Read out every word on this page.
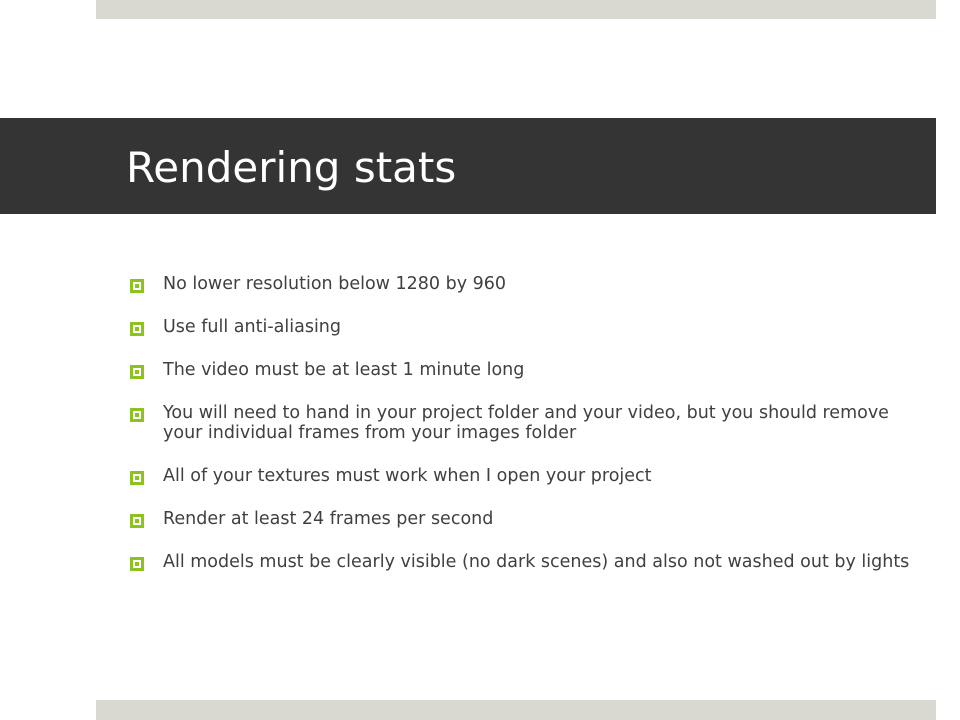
Rendering stats
No lower resolution below 1280 by 960
Use full anti-aliasing
The video must be at least 1 minute long
You will need to hand in your project folder and your video, but you should remove your individual frames from your images folder
All of your textures must work when I open your project
Render at least 24 frames per second
All models must be clearly visible (no dark scenes) and also not washed out by lights
